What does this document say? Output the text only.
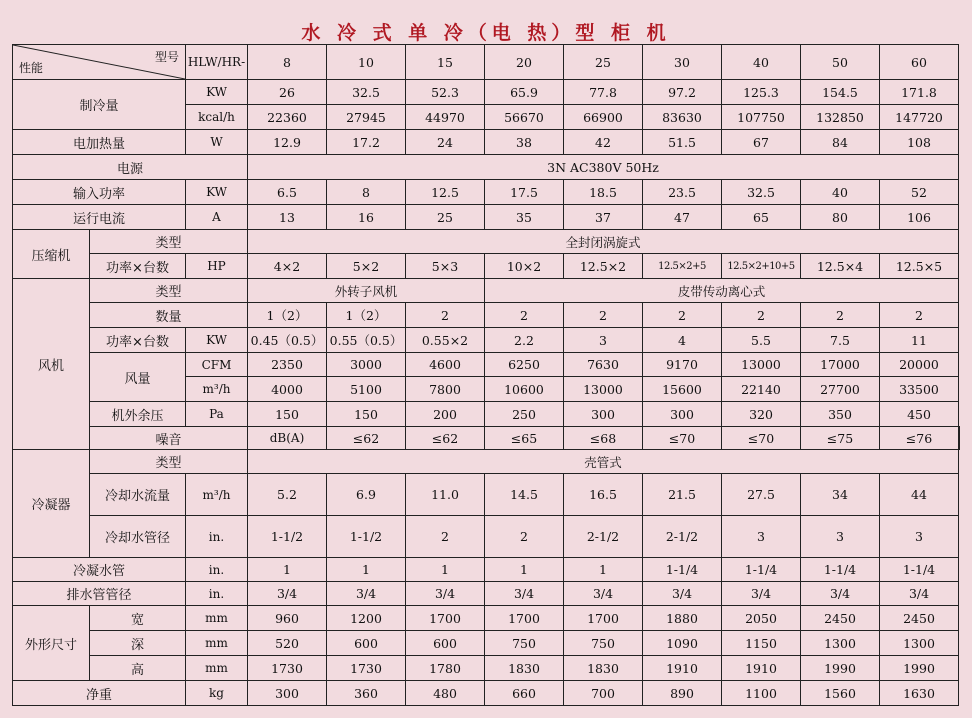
水 冷 式 单 冷（电 热）型 柜 机
型号
性能		HLW/HR-	8	10	15	20	25	30	40	50	60	
制冷量		KW	26	32.5	52.3	65.9	77.8	97.2	125.3	154.5	171.8	
		kcal/h	22360	27945	44970	56670	66900	83630	107750	132850	147720	
电加热量		W	12.9	17.2	24	38	42	51.5	67	84	108	
电源			3N AC380V 50Hz									
输入功率		KW	6.5	8	12.5	17.5	18.5	23.5	32.5	40	52	
运行电流		A	13	16	25	35	37	47	65	80	106	
压缩机	类型		全封闭涡旋式									
	功率×台数	HP	4×2	5×2	5×3	10×2	12.5×2	12.5×2+5	12.5×2+10+5	12.5×4	12.5×5	
风机	类型		外转子风机			皮带传动离心式						
	数量		1（2）	1（2）	2	2	2	2	2	2	2	
	功率×台数	KW	0.45（0.5）	0.55（0.5）	0.55×2	2.2	3	4	5.5	7.5	11	
	风量	CFM	2350	3000	4600	6250	7630	9170	13000	17000	20000	
		m³/h	4000	5100	7800	10600	13000	15600	22140	27700	33500	
	机外余压	Pa	150	150	200	250	300	300	320	350	450	
	噪音		dB(A)	≤62	≤62	≤65	≤68	≤70	≤70	≤75	≤76	
冷凝器	类型		壳管式									
	冷却水流量	m³/h	5.2	6.9	11.0	14.5	16.5	21.5	27.5	34	44	
	冷却水管径	in.	1-1/2	1-1/2	2	2	2-1/2	2-1/2	3	3	3	
冷凝水管		in.	1	1	1	1	1	1-1/4	1-1/4	1-1/4	1-1/4	
排水管管径		in.	3/4	3/4	3/4	3/4	3/4	3/4	3/4	3/4	3/4	
外形尺寸	宽	mm	960	1200	1700	1700	1700	1880	2050	2450	2450	
	深	mm	520	600	600	750	750	1090	1150	1300	1300	
	高	mm	1730	1730	1780	1830	1830	1910	1910	1990	1990	
净重		kg	300	360	480	660	700	890	1100	1560	1630	
